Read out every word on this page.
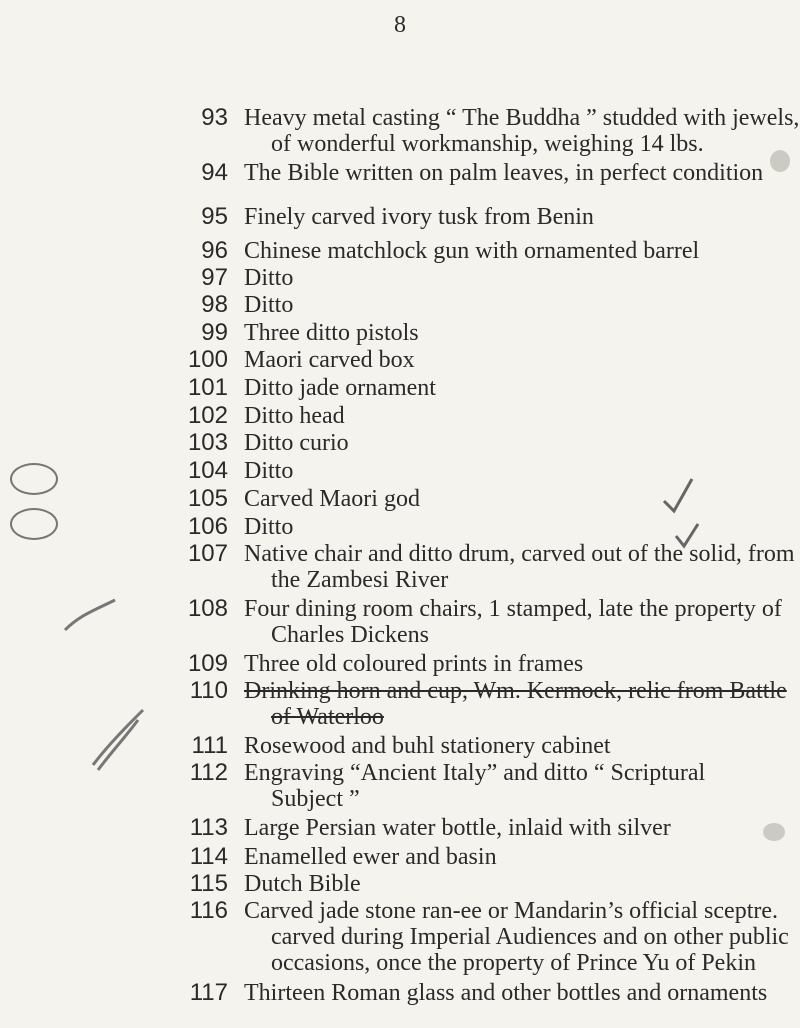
8
93 Heavy metal casting “ The Buddha ” studded with jewels,
of wonderful workmanship, weighing 14 lbs.
94 The Bible written on palm leaves, in perfect condition
95 Finely carved ivory tusk from Benin
96 Chinese matchlock gun with ornamented barrel
97 Ditto
98 Ditto
99 Three ditto pistols
100 Maori carved box
101 Ditto jade ornament
102 Ditto head
103 Ditto curio
104 Ditto
105 Carved Maori god
106 Ditto
107 Native chair and ditto drum, carved out of the solid, from
the Zambesi River
108 Four dining room chairs, 1 stamped, late the property of
Charles Dickens
109 Three old coloured prints in frames
110 Drinking horn and cup, Wm. Kermoek, relic from Battle
of Waterloo
111 Rosewood and buhl stationery cabinet
112 Engraving “Ancient Italy” and ditto “ Scriptural
Subject ”
113 Large Persian water bottle, inlaid with silver
114 Enamelled ewer and basin
115 Dutch Bible
116 Carved jade stone ran-ee or Mandarin’s official sceptre.
carved during Imperial Audiences and on other public
occasions, once the property of Prince Yu of Pekin
117 Thirteen Roman glass and other bottles and ornaments
